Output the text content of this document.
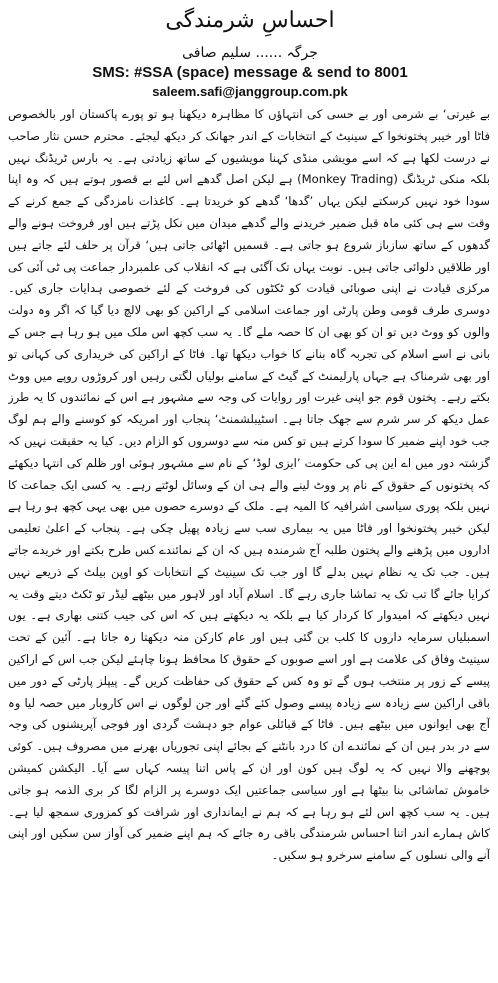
احساسِ شرمندگی
جرگہ ...... سلیم صافی
SMS: #SSA (space) message & send to 8001
saleem.safi@janggroup.com.pk

بے غیرتی‘ بے شرمی اور بے حسی کی انتہاؤں کا مظاہرہ دیکھنا ہو تو پورے پاکستان اور بالخصوص فاٹا اور خیبر پختونخوا کے سینیٹ کے انتخابات کے اندر جھانک کر دیکھ لیجئے۔ محترم حسن نثار صاحب نے درست لکھا ہے کہ اسے مویشی منڈی کہنا مویشیوں کے ساتھ زیادتی ہے۔ یہ بارس ٹریڈنگ نہیں بلکہ منکی ٹریڈنگ (Monkey Trading) ہے لیکن اصل گدھے اس لئے بے قصور ہوتے ہیں کہ وہ اپنا سودا خود نہیں کرسکتے لیکن یہاں ’گدھا‘ گدھے کو خریدتا ہے۔ کاغذات نامزدگی کے جمع کرنے کے وقت سے ہی کئی ماہ قبل ضمیر خریدنے والے گدھے میدان میں نکل پڑتے ہیں اور فروخت ہونے والے گدھوں کے ساتھ سازباز شروع ہو جاتی ہے۔ قسمیں اٹھائی جاتی ہیں‘ قرآن پر حلف لئے جاتے ہیں اور طلاقیں دلوائی جاتی ہیں۔ نوبت یہاں تک آگئی ہے کہ انقلاب کی علمبردار جماعت پی ٹی آئی کی مرکزی قیادت نے اپنی صوبائی قیادت کو ٹکٹوں کی فروخت کے لئے خصوصی ہدایات جاری کیں۔ دوسری طرف قومی وطن پارٹی اور جماعت اسلامی کے اراکین کو بھی لالچ دیا گیا کہ اگر وہ دولت والوں کو ووٹ دیں تو ان کو بھی ان کا حصہ ملے گا۔ یہ سب کچھ اس ملک میں ہو رہا ہے جس کے بانی نے اسے اسلام کی تجربہ گاہ بنانے کا خواب دیکھا تھا۔ فاٹا کے اراکین کی خریداری کی کہانی تو اور بھی شرمناک ہے جہاں پارلیمنٹ کے گیٹ کے سامنے بولیاں لگتی رہیں اور کروڑوں روپے میں ووٹ بکتے رہے۔ پختون قوم جو اپنی غیرت اور روایات کی وجہ سے مشہور ہے اس کے نمائندوں کا یہ طرز عمل دیکھ کر سر شرم سے جھک جاتا ہے۔ اسٹیبلشمنٹ‘ پنجاب اور امریکہ کو کوسنے والے ہم لوگ جب خود اپنے ضمیر کا سودا کرتے ہیں تو کس منہ سے دوسروں کو الزام دیں۔ کیا یہ حقیقت نہیں کہ گزشتہ دور میں اے این پی کی حکومت ’ایزی لوڈ‘ کے نام سے مشہور ہوئی اور ظلم کی انتہا دیکھئے کہ پختونوں کے حقوق کے نام پر ووٹ لینے والے ہی ان کے وسائل لوٹتے رہے۔ یہ کسی ایک جماعت کا نہیں بلکہ پوری سیاسی اشرافیہ کا المیہ ہے۔ ملک کے دوسرے حصوں میں بھی یہی کچھ ہو رہا ہے لیکن خیبر پختونخوا اور فاٹا میں یہ بیماری سب سے زیادہ پھیل چکی ہے۔ پنجاب کے اعلیٰ تعلیمی اداروں میں پڑھنے والے پختون طلبہ آج شرمندہ ہیں کہ ان کے نمائندے کس طرح بکتے اور خریدے جاتے ہیں۔ جب تک یہ نظام نہیں بدلے گا اور جب تک سینیٹ کے انتخابات کو اوپن بیلٹ کے ذریعے نہیں کرایا جائے گا تب تک یہ تماشا جاری رہے گا۔ اسلام آباد اور لاہور میں بیٹھے لیڈر تو ٹکٹ دیتے وقت یہ نہیں دیکھتے کہ امیدوار کا کردار کیا ہے بلکہ یہ دیکھتے ہیں کہ اس کی جیب کتنی بھاری ہے۔ یوں اسمبلیاں سرمایہ داروں کا کلب بن گئی ہیں اور عام کارکن منہ دیکھتا رہ جاتا ہے۔ آئین کے تحت سینیٹ وفاق کی علامت ہے اور اسے صوبوں کے حقوق کا محافظ ہونا چاہئے لیکن جب اس کے اراکین پیسے کے زور پر منتخب ہوں گے تو وہ کس کے حقوق کی حفاظت کریں گے۔ پیپلز پارٹی کے دور میں باقی اراکین سے زیادہ سے زیادہ پیسے وصول کئے گئے اور جن لوگوں نے اس کاروبار میں حصہ لیا وہ آج بھی ایوانوں میں بیٹھے ہیں۔ فاٹا کے قبائلی عوام جو دہشت گردی اور فوجی آپریشنوں کی وجہ سے در بدر ہیں ان کے نمائندے ان کا درد بانٹنے کے بجائے اپنی تجوریاں بھرنے میں مصروف ہیں۔ کوئی پوچھنے والا نہیں کہ یہ لوگ ہیں کون اور ان کے پاس اتنا پیسہ کہاں سے آیا۔ الیکشن کمیشن خاموش تماشائی بنا بیٹھا ہے اور سیاسی جماعتیں ایک دوسرے پر الزام لگا کر بری الذمہ ہو جاتی ہیں۔ یہ سب کچھ اس لئے ہو رہا ہے کہ ہم نے ایمانداری اور شرافت کو کمزوری سمجھ لیا ہے۔ کاش ہمارے اندر اتنا احساس شرمندگی باقی رہ جائے کہ ہم اپنے ضمیر کی آواز سن سکیں اور اپنی آنے والی نسلوں کے سامنے سرخرو ہو سکیں۔
